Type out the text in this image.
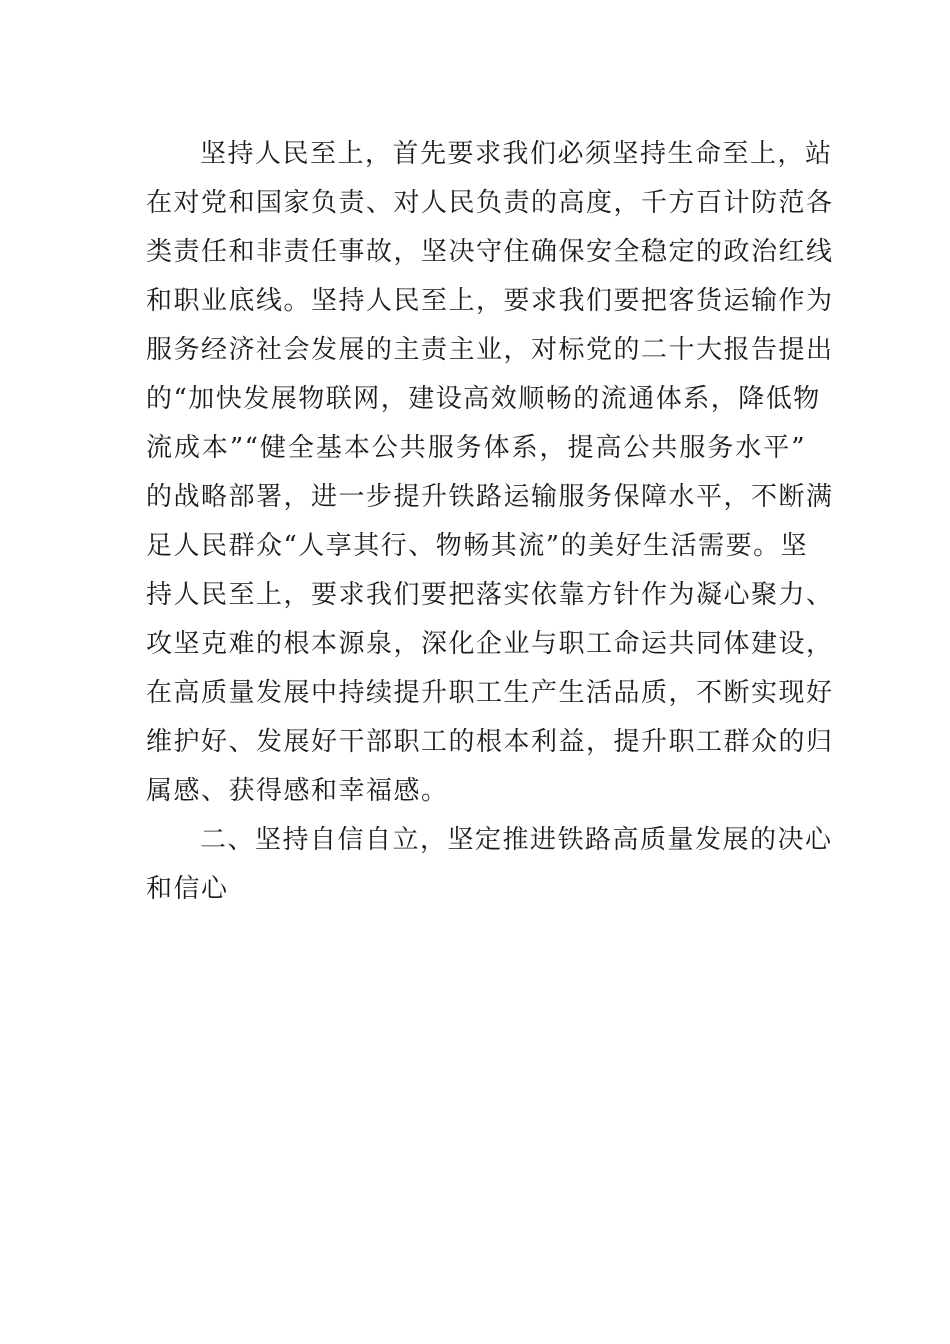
坚持人民至上，首先要求我们必须坚持生命至上，站
在对党和国家负责、对人民负责的高度，千方百计防范各
类责任和非责任事故，坚决守住确保安全稳定的政治红线
和职业底线。坚持人民至上，要求我们要把客货运输作为
服务经济社会发展的主责主业，对标党的二十大报告提出
的“加快发展物联网，建设高效顺畅的流通体系，降低物
流成本”“健全基本公共服务体系，提高公共服务水平”
的战略部署，进一步提升铁路运输服务保障水平，不断满
足人民群众“人享其行、物畅其流”的美好生活需要。坚
持人民至上，要求我们要把落实依靠方针作为凝心聚力、
攻坚克难的根本源泉，深化企业与职工命运共同体建设，
在高质量发展中持续提升职工生产生活品质，不断实现好
维护好、发展好干部职工的根本利益，提升职工群众的归
属感、获得感和幸福感。
二、坚持自信自立，坚定推进铁路高质量发展的决心
和信心
